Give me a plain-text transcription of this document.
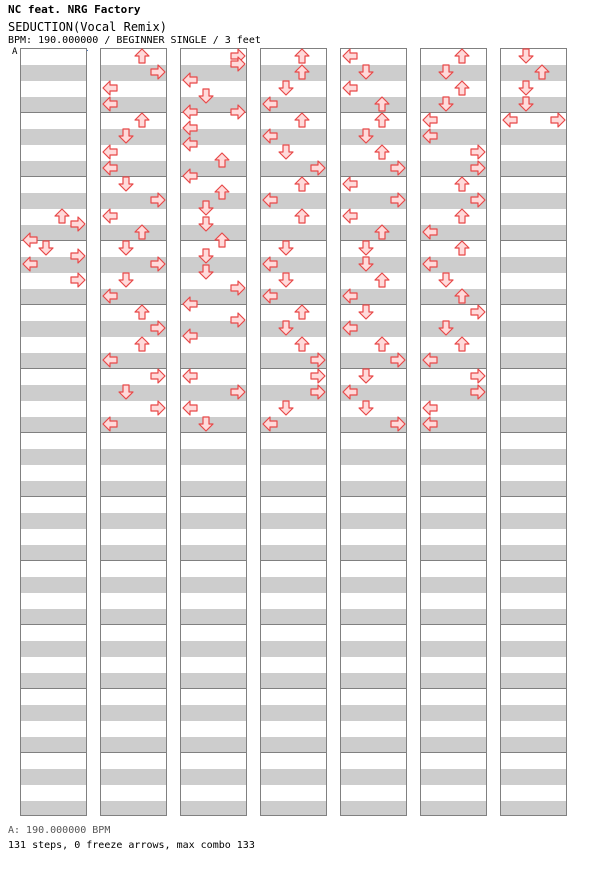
NC feat. NRG Factory
SEDUCTION(Vocal Remix)
BPM: 190.000000 / BEGINNER SINGLE / 3 feet
A
A: 190.000000 BPM
131 steps, 0 freeze arrows, max combo 133
